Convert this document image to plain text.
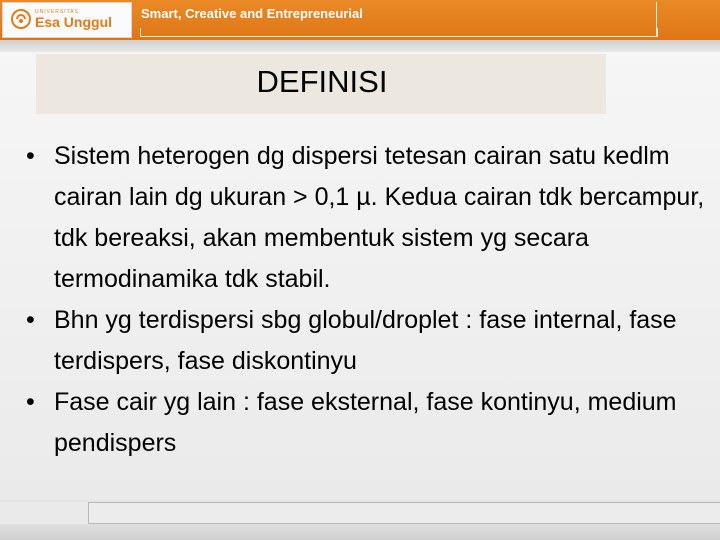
UNIVERSITAS
Esa Unggul
Smart, Creative and Entrepreneurial
DEFINISI
• Sistem heterogen dg dispersi tetesan cairan satu kedlm cairan lain dg ukuran > 0,1 µ. Kedua cairan tdk bercampur, tdk bereaksi, akan membentuk sistem yg secara termodinamika tdk stabil.
• Bhn yg terdispersi sbg globul/droplet : fase internal, fase terdispers, fase diskontinyu
• Fase cair yg lain : fase eksternal, fase kontinyu, medium pendispers
